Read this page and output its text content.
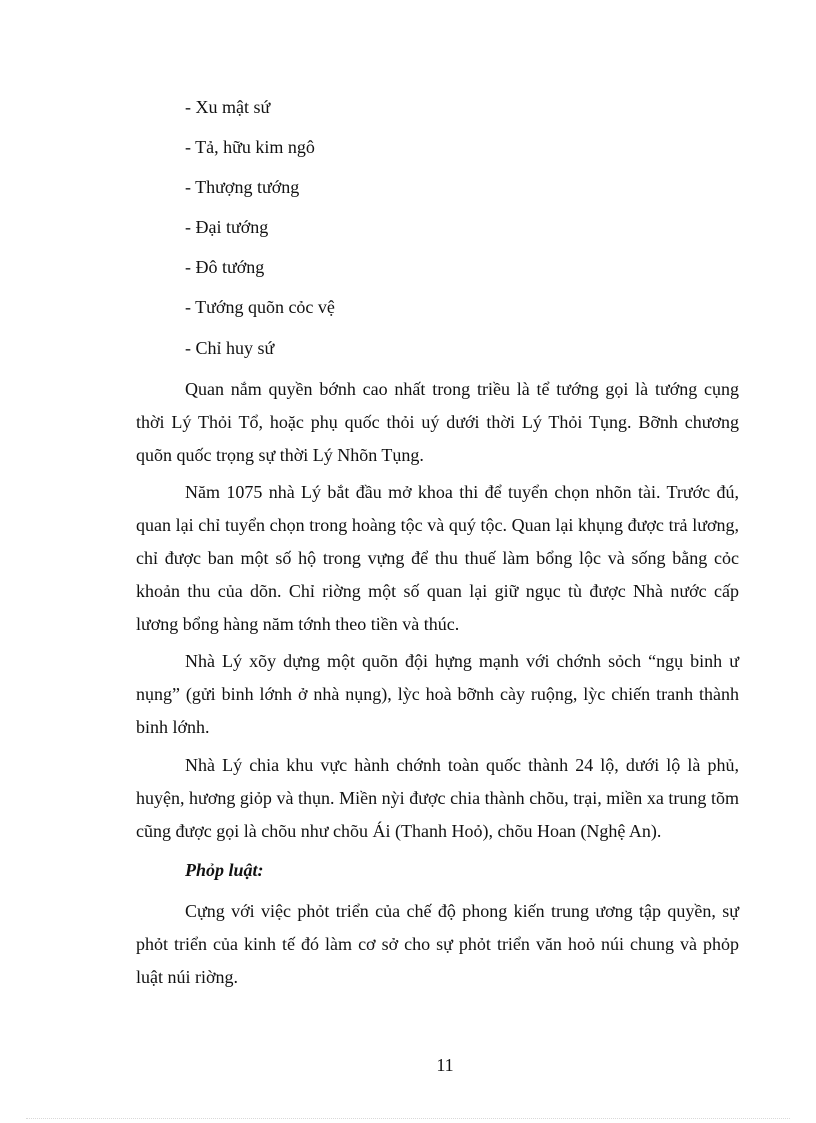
- Xu mật sứ
- Tả, hữu kim ngô
- Thượng tướng
- Đại tướng
- Đô tướng
- Tướng quõn cỏc vệ
- Chỉ huy sứ
Quan nắm quyền bớnh cao nhất trong triều là tể tướng gọi là tướng cụng thời Lý Thỏi Tổ, hoặc phụ quốc thỏi uý dưới thời Lý Thỏi Tụng. Bỡnh chương quõn quốc trọng sự thời Lý Nhõn Tụng.
Năm 1075 nhà Lý bắt đầu mở khoa thi để tuyển chọn nhõn tài. Trước đú, quan lại chỉ tuyển chọn trong hoàng tộc và quý tộc. Quan lại khụng được trả lương, chỉ được ban một số hộ trong vựng để thu thuế làm bổng lộc và sống bằng cỏc khoản thu của dõn. Chỉ riờng một số quan lại giữ ngục tù được Nhà nước cấp lương bổng hàng năm tớnh theo tiền và thúc.
Nhà Lý xõy dựng một quõn đội hựng mạnh với chớnh sỏch “ngụ binh ư nụng” (gửi binh lớnh ở nhà nụng), lỳc hoà bỡnh cày ruộng, lỳc chiến tranh thành binh lớnh.
Nhà Lý chia khu vực hành chớnh toàn quốc thành 24 lộ, dưới lộ là phủ, huyện, hương giỏp và thụn. Miền nỳi được chia thành chõu, trại, miền xa trung tõm cũng được gọi là chõu như chõu Ái (Thanh Hoỏ), chõu Hoan (Nghệ An).
Phỏp luật:
Cựng với việc phỏt triển của chế độ phong kiến trung ương tập quyền, sự phỏt triển của kinh tế đó làm cơ sở cho sự phỏt triển văn hoỏ núi chung và phỏp luật núi riờng.
11
